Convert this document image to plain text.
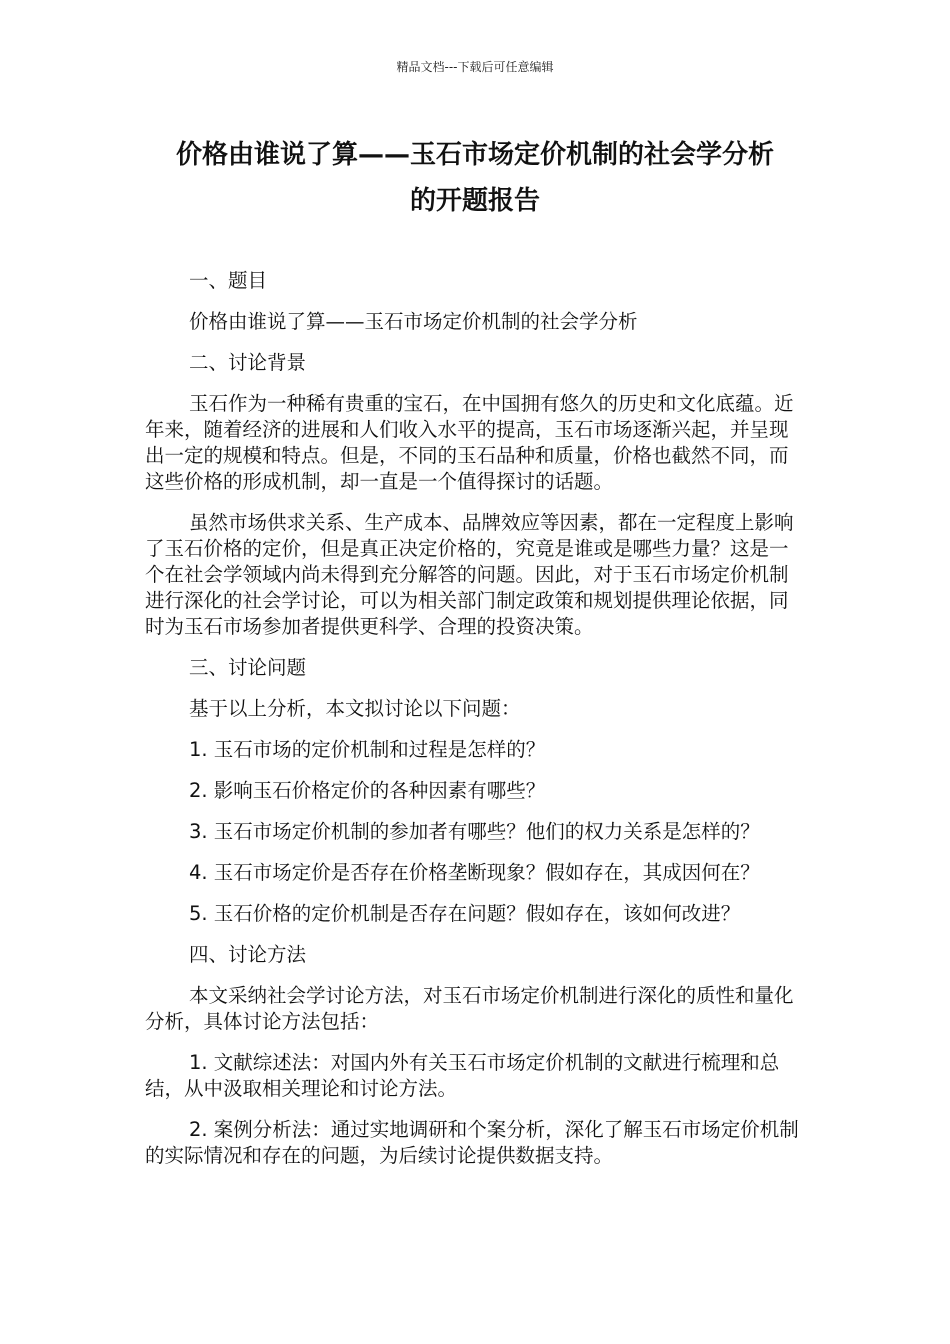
精品文档---下载后可任意编辑
价格由谁说了算——玉石市场定价机制的社会学分析
的开题报告

一、题目

价格由谁说了算——玉石市场定价机制的社会学分析

二、讨论背景

玉石作为一种稀有贵重的宝石，在中国拥有悠久的历史和文化底蕴。近年来，随着经济的进展和人们收入水平的提高，玉石市场逐渐兴起，并呈现出一定的规模和特点。但是，不同的玉石品种和质量，价格也截然不同，而这些价格的形成机制，却一直是一个值得探讨的话题。

虽然市场供求关系、生产成本、品牌效应等因素，都在一定程度上影响了玉石价格的定价，但是真正决定价格的，究竟是谁或是哪些力量？这是一个在社会学领域内尚未得到充分解答的问题。因此，对于玉石市场定价机制进行深化的社会学讨论，可以为相关部门制定政策和规划提供理论依据，同时为玉石市场参加者提供更科学、合理的投资决策。

三、讨论问题

基于以上分析，本文拟讨论以下问题：

1. 玉石市场的定价机制和过程是怎样的？

2. 影响玉石价格定价的各种因素有哪些？

3. 玉石市场定价机制的参加者有哪些？他们的权力关系是怎样的？

4. 玉石市场定价是否存在价格垄断现象？假如存在，其成因何在？

5. 玉石价格的定价机制是否存在问题？假如存在，该如何改进？

四、讨论方法

本文采纳社会学讨论方法，对玉石市场定价机制进行深化的质性和量化分析，具体讨论方法包括：

1. 文献综述法：对国内外有关玉石市场定价机制的文献进行梳理和总结，从中汲取相关理论和讨论方法。

2. 案例分析法：通过实地调研和个案分析，深化了解玉石市场定价机制的实际情况和存在的问题，为后续讨论提供数据支持。
